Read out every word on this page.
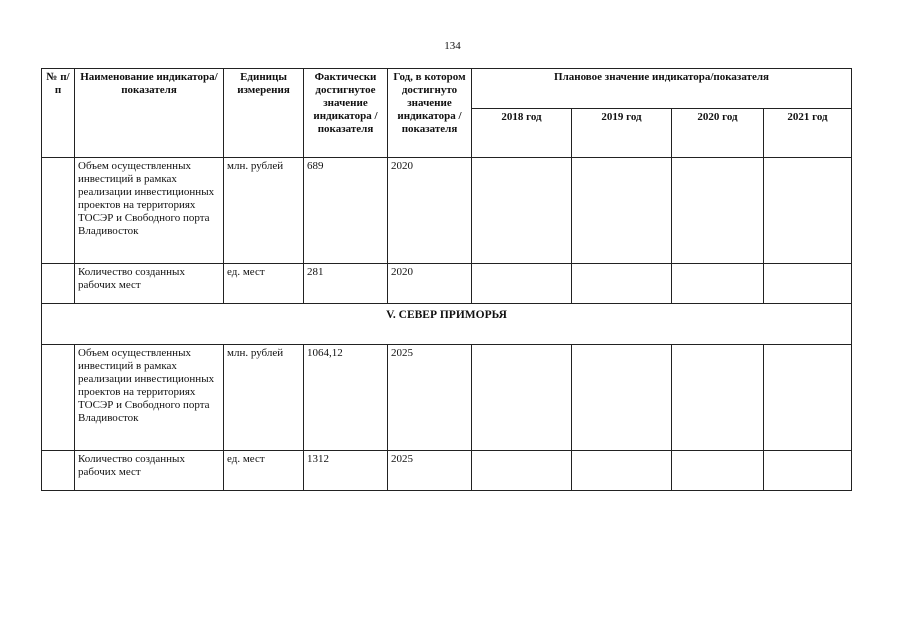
134
№ п/п	Наименование индикатора/показателя	Единицы измерения	Фактически достигнутое значение индикатора /показателя	Год, в котором достигнуто значение индикатора /показателя	Плановое значение индикатора/показателя			
					2018 год	2019 год	2020 год	2021 год
	Объем осуществленных инвестиций в рамках реализации инвестиционных проектов на территориях ТОСЭР и Свободного порта Владивосток	млн. рублей	689	2020				
	Количество созданных рабочих мест	ед. мест	281	2020				
V. СЕВЕР ПРИМОРЬЯ								
	Объем осуществленных инвестиций в рамках реализации инвестиционных проектов на территориях ТОСЭР и Свободного порта Владивосток	млн. рублей	1064,12	2025				
	Количество созданных рабочих мест	ед. мест	1312	2025				
